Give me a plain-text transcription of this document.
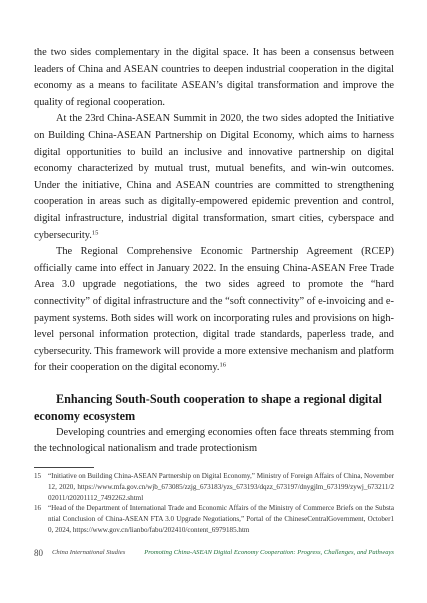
the two sides complementary in the digital space. It has been a consensus between leaders of China and ASEAN countries to deepen industrial cooperation in the digital economy as a means to facilitate ASEAN’s digital transformation and improve the quality of regional cooperation.

At the 23rd China-ASEAN Summit in 2020, the two sides adopted the Initiative on Building China-ASEAN Partnership on Digital Economy, which aims to harness digital opportunities to build an inclusive and innovative partnership on digital economy characterized by mutual trust, mutual benefits, and win-win outcomes. Under the initiative, China and ASEAN countries are committed to strengthening cooperation in areas such as digitally-empowered epidemic prevention and control, digital infrastructure, industrial digital transformation, smart cities, cyberspace and cybersecurity.$^{15}$

The Regional Comprehensive Economic Partnership Agreement (RCEP) officially came into effect in January 2022. In the ensuing China-ASEAN Free Trade Area 3.0 upgrade negotiations, the two sides agreed to promote the “hard connectivity” of digital infrastructure and the “soft connectivity” of e-invoicing and e-payment systems. Both sides will work on incorporating rules and provisions on high-level personal information protection, digital trade standards, paperless trade, and cybersecurity. This framework will provide a more extensive mechanism and platform for their cooperation on the digital economy.$^{16}$

Enhancing South-South cooperation to shape a regional digital economy ecosystem

Developing countries and emerging economies often face threats stemming from the technological nationalism and trade protectionism

15 “Initiative on Building China-ASEAN Partnership on Digital Economy,” Ministry of Foreign Affairs of China, November12, 2020, https://www.mfa.gov.cn/wjb_673085/zzjg_673183/yzs_673193/dqzz_673197/dnygjlm_673199/zywj_673211/202011/t20201112_7492262.shtml
16 “Head of the Department of International Trade and Economic Affairs of the Ministry of Commerce Briefs on the Substantial Conclusion of China-ASEAN FTA 3.0 Upgrade Negotiations,” Portal of the ChineseCentralGovernment, October10, 2024, https://www.gov.cn/lianbo/fabu/202410/content_6979185.htm
80 China International Studies	Promoting China-ASEAN Digital Economy Cooperation: Progress, Challenges, and Pathways
